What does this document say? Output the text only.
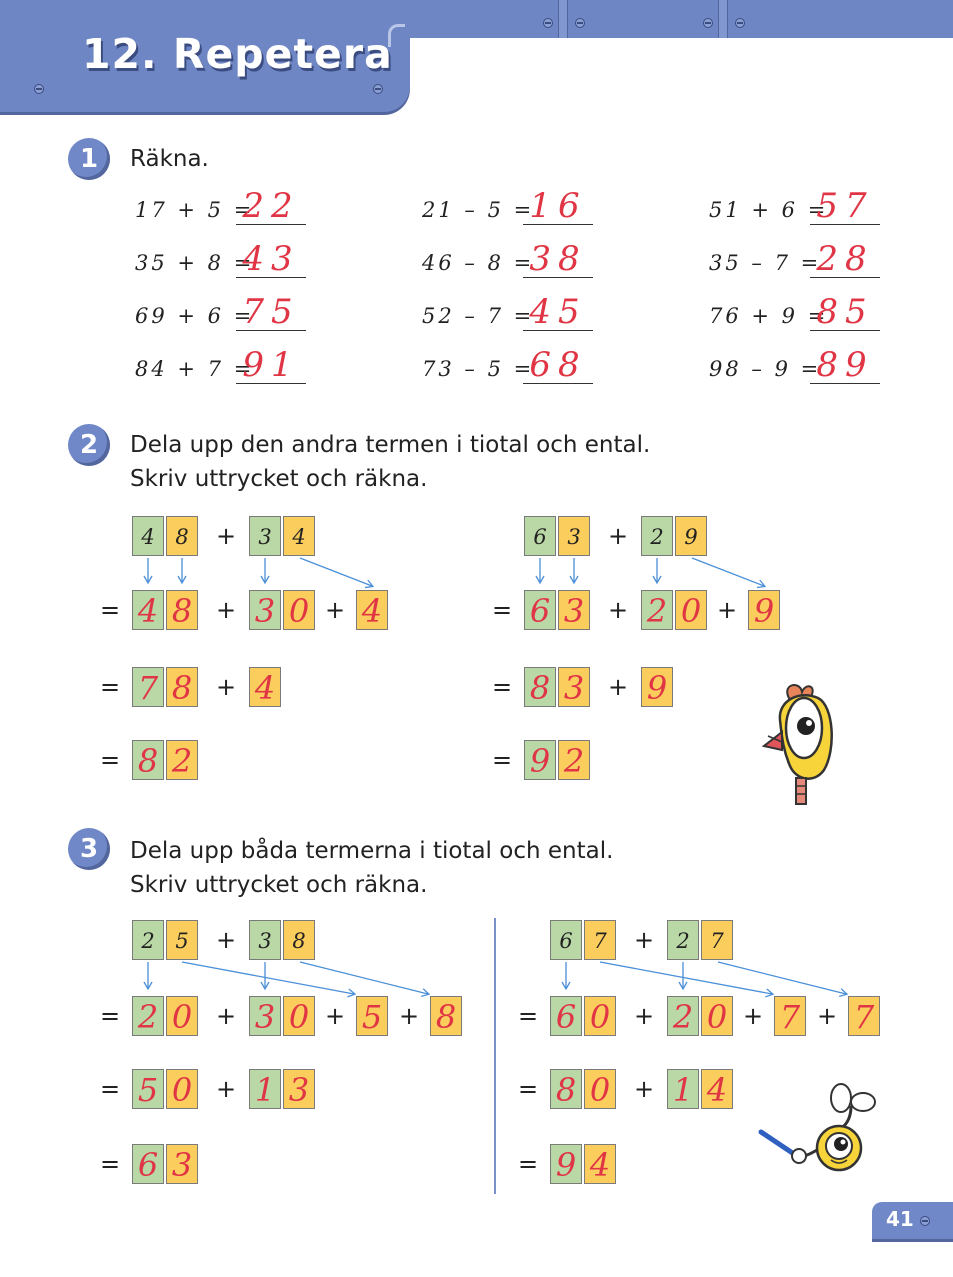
12. Repetera
1	Räkna.
17 + 5 =
22
35 + 8 =
43
69 + 6 =
75
84 + 7 =
91
21 – 5 =
16
46 – 8 =
38
52 – 7 =
45
73 – 5 =
68
51 + 6 =
57
35 – 7 =
28
76 + 9 =
85
98 – 9 =
89
2	Dela upp den andra termen i tiotal och ental.
Skriv uttrycket och räkna.
4 8	+	3 4
= 4 8 + 3 0 + 4
= 7 8 + 4
= 8 2
6 3	+	2 9
= 6 3 + 2 0 + 9
= 8 3 + 9
= 9 2
3	Dela upp båda termerna i tiotal och ental.
Skriv uttrycket och räkna.
2 5	+	3 8
= 2 0 + 3 0 + 5 + 8
= 5 0 + 1 3
= 6 3
6 7	+	2 7
= 6 0 + 2 0 + 7 + 7
= 8 0 + 1 4
= 9 4
41
